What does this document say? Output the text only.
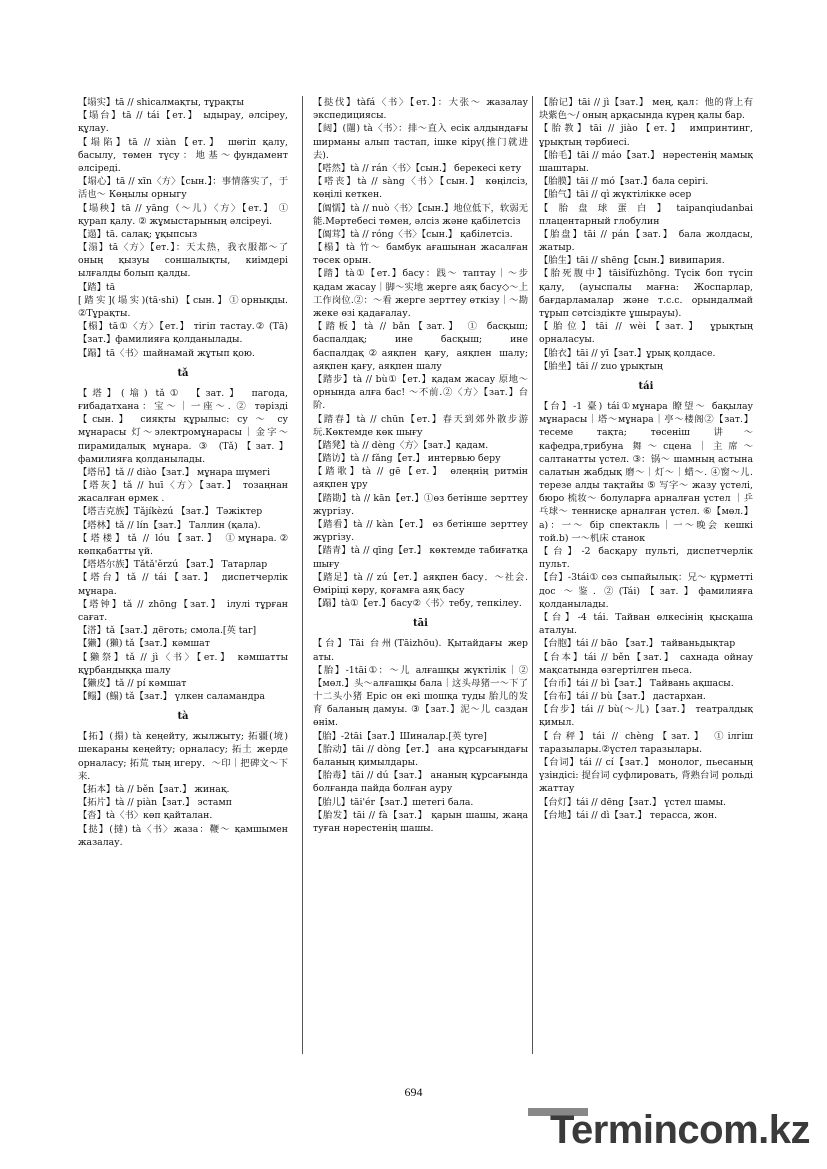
【塌实】tā // shiсалмақты, тұрақты
【塌台】tā // tái【ет.】 ыдырау, әлсіреу, құлау.
【塌陷】tā // xiàn【ет.】 шөгіп қалу, басылу, төмен түсу：地基～фундамент әлсіреді.
【塌心】tā // xīn〈方〉【сын.】：事情落实了，于活也～ Көңылы орныгу
【塌秧】tā // yāng（～儿）〈方〉【ет.】 ① қурап қалу. ② жұмыстарының әлсіреуі.
【遢】tā. салақ; ұқыпсыз
【溻】tā〈方〉【ет.】：天太热，我衣服都～了 оның қызуы соншалықты, киімдері ылғалды болып қалды.
【踏】tā
[踏实](塌实)(tā·shi)【сын.】①орнықды. ②Тұрақты.
【榻】tā①〈方〉【ет.】 тігіп тастау.② (Tā)【зат.】фамилияға қолданылады.
【蹋】tā〈书〉шайнамай жұтып қою.
tǎ
【塔】(墖) tǎ① 【зат.】 пагода, ғибадатхана：宝～｜一座～. ② тәрізді 【сын.】 сияқты құрылыс: су ～ су мұнарасы 灯～электромұнарасы｜金字～ пирамидалық мұнара. ③ (Tǎ)【зат.】фамилияға қолданылады.
【塔吊】tǎ // diào【зат.】 мұнара шүмегі
【塔灰】tǎ // huī〈方〉【зат.】 тозаңнан жасалған өрмек .
【塔吉克族】Tǎjíkèzú 【зат.】 Тәжіктер
【塔林】tǎ // lín【зат.】 Таллин (қала).
【塔楼】tǎ // lóu【зат.】 ①мұнара.② көпқабатты үй.
【塔塔尔族】Tǎtǎ'ěrzú 【зат.】 Татарлар
【塔台】tǎ // tái【зат.】 диспетчерлік мұнара.
【塔钟】tǎ // zhōng【зат.】 ілулі тұрған сағат.
【溚】tǎ【зат.】дёготь; смола.[英 tar]
【獭】(獺) tǎ【зат.】кәмшат
【獭祭】tǎ // jì〈书〉【ет.】 кәмшатты құрбандыққа шалу
【獭皮】tǎ // pí кәмшат
【鳎】(鰨) tǎ【зат.】 үлкен саламандра
tà
【拓】(搨) tà кеңейту, жылжыту; 拓疆(境) шекараны кеңейту; орналасу; 拓土 жерде орналасу; 拓荒 тың игеру．～印｜把碑文～下来.
【拓本】tà // běn【зат.】 жинақ.
【拓片】tà // piàn【зат.】 эстамп
【沓】tà〈书〉көп қайталан.
【挞】(撻) tà〈书〉жаза：鞭～ қамшымен жазалау.
【挞伐】tàfá〈书〉【ет.】：大张～ жазалау экспедициясы.
【闼】(闥) tà〈书〉：排～直入 есік алдындағы ширманы алып тастап, ішке кіру(推门就进去).
【嗒然】tà // rán〈书〉【сын.】 берекесі кету
【嗒丧】tà // sàng〈书〉【сын.】 көңілсіз, көңілі кеткен.
【阘懦】tà // nuò〈书〉【сын.】地位低下，软弱无能.Мәртебесі төмен, әлсіз және қабілетсіз
【阘茸】tà // róng〈书〉【сын.】 қабілетсіз.
【榻】tà 竹～ бамбук ағашынан жасалған төсек орын.
【踏】tà①【ет.】басу：践～ таптау｜～步 қадам жасау｜脚～实地 жерге аяқ басу◇～上工作岗位.②：～看 жерге зерттеу өткізу｜～勘 жеке өзі қадағалау.
【踏板】tà // bǎn【зат.】 ① басқыш; баспалдақ; ине басқыш; ине баспалдақ②аяқпен қағу, аяқпен шалу; аяқпен қағу, аяқпен шалу
【踏步】tà // bù①【ет.】қадам жасау 原地～орнында алға бас! ～不前.②〈方〉【зат.】台阶.
【踏春】tà // chūn【ет.】春天到郊外散步游玩.Көктемде көк шығу
【踏凳】tà // dèng〈方〉【зат.】қадам.
【踏访】tà // fǎng【ет.】 интервью беру
【踏歌】tà // gē【ет.】 өлеңнің ритмін аяқпен ұру
【踏勘】tà // kān【ет.】①өз бетінше зерттеу жүргізу.
【踏看】tà // kàn【ет.】 өз бетінше зерттеу жүргізу.
【踏青】tà // qīng【ет.】 көктемде табиғатқа шығу
【踏足】tà // zú【ет.】аяқпен басу．～社会. Өміріці көру, қоғамға аяқ басу
【蹋】tà①【ет.】басу②〈书〉тебу, тепкілеу.
tāi
【台】Tāi 台州(Tāizhōu). Қытайдағы жер аты.
【胎】-1tāi①：～儿 алғашқы жүктілік｜② 【мөл.】头～алғашқы бала｜这头母猪一～下了十二头小猪 Еріс он екі шошқа туды 胎儿的发育 баланың дамуы. ③【зат.】泥～儿 саздан өнім.
【胎】-2tāi【зат.】Шиналар.[英 tyre]
【胎动】tāi // dòng【ет.】 ана құрсағындағы баланың қимылдары.
【胎毒】tāi // dú【зат.】 ананың құрсағында болғанда пайда болған ауру
【胎儿】tāi'ér【зат.】шетегі бала.
【胎发】tāi // fà【зат.】 қарын шашы, жаңа туған нәрестенің шашы.
【胎记】tāi // jì【зат.】 мең, қал：他的背上有块紫色～/ оның арқасында күрең қалы бар.
【胎教】tāi // jiào【ет.】 импринтинг, ұрықтың тәрбиесі.
【胎毛】tāi // máo【зат.】 нәрестенің мамық шаштары.
【胎膜】tāi // mó【зат.】бала серігі.
【胎气】tāi // qì жүктілікке әсер
【胎盘球蛋白】taipanqiudanbai плацентарный глобулин
【胎盘】tāi // pán【зат.】 бала жолдасы, жатыр.
【胎生】tāi // shēng【сын.】вивипария.
【胎死腹中】tāisǐfùzhōng. Түсік боп түсіп қалу, (ауыспалы мағна: Жоспарлар, бағдарламалар және т.с.с. орындалмай тұрып сәтсіздікте ұшырауы).
【胎位】tāi // wèi【зат.】 ұрықтың орналасуы.
【胎衣】tāi // yī【зат.】ұрық қолдасе.
【胎坐】tāi // zuo ұрықтың
tái
【台】-1 臺) tái①мұнара 瞭望～ бақылау мұнарасы｜塔～мұнара｜亭～楼阁②【зат.】 тесеме тақта; төсеніш 讲～ кафедра,трибуна 舞～сцена｜主席～ салтанатты үстел. ③：锅～ шамның астына салатын жабдық 磨～｜灯～｜蜡～. ④窗～儿. терезе алды тақтайы ⑤ 写字～ жазу үстелі, бюро 梳妆～ болуларға арналған үстел ｜乒乓球～ теннисқе арналған үстел. ⑥【мөл.】 a)：一～ бір спектакль｜一～晚会 кешкі той.b) 一～机床 станок
【台】-2 басқару пульті, диспетчерлік пульт.
【台】-3tái① сөз сыпайылық：兄～ құрметті дос ～鉴. ②(Tái)【зат.】фамилияға қолданылады.
【台】-4 tái. Тайван өлкесінің қысқаша аталуы.
【台胞】tái // bāo 【зат.】 тайваньдықтар
【台本】tái // běn【зат.】 сахнада ойнау мақсатында өзгертілген пьеса.
【台币】tái // bì【зат.】 Тайвань ақшасы.
【台布】tái // bù【зат.】 дастархан.
【台步】tái // bù(～儿)【зат.】 театралдық қимыл.
【台秤】tái // chèng【зат.】 ①ілгіш таразылары.②үстел таразылары.
【台词】tái // cí【зат.】 монолог, пьесаның үзіндісі: 提台词 суфлировать, 背熟台词 рольді жаттау
【台灯】tái // dēng【зат.】 үстел шамы.
【台地】tái // dì【зат.】 терасса, жон.
694
Termincom.kz
